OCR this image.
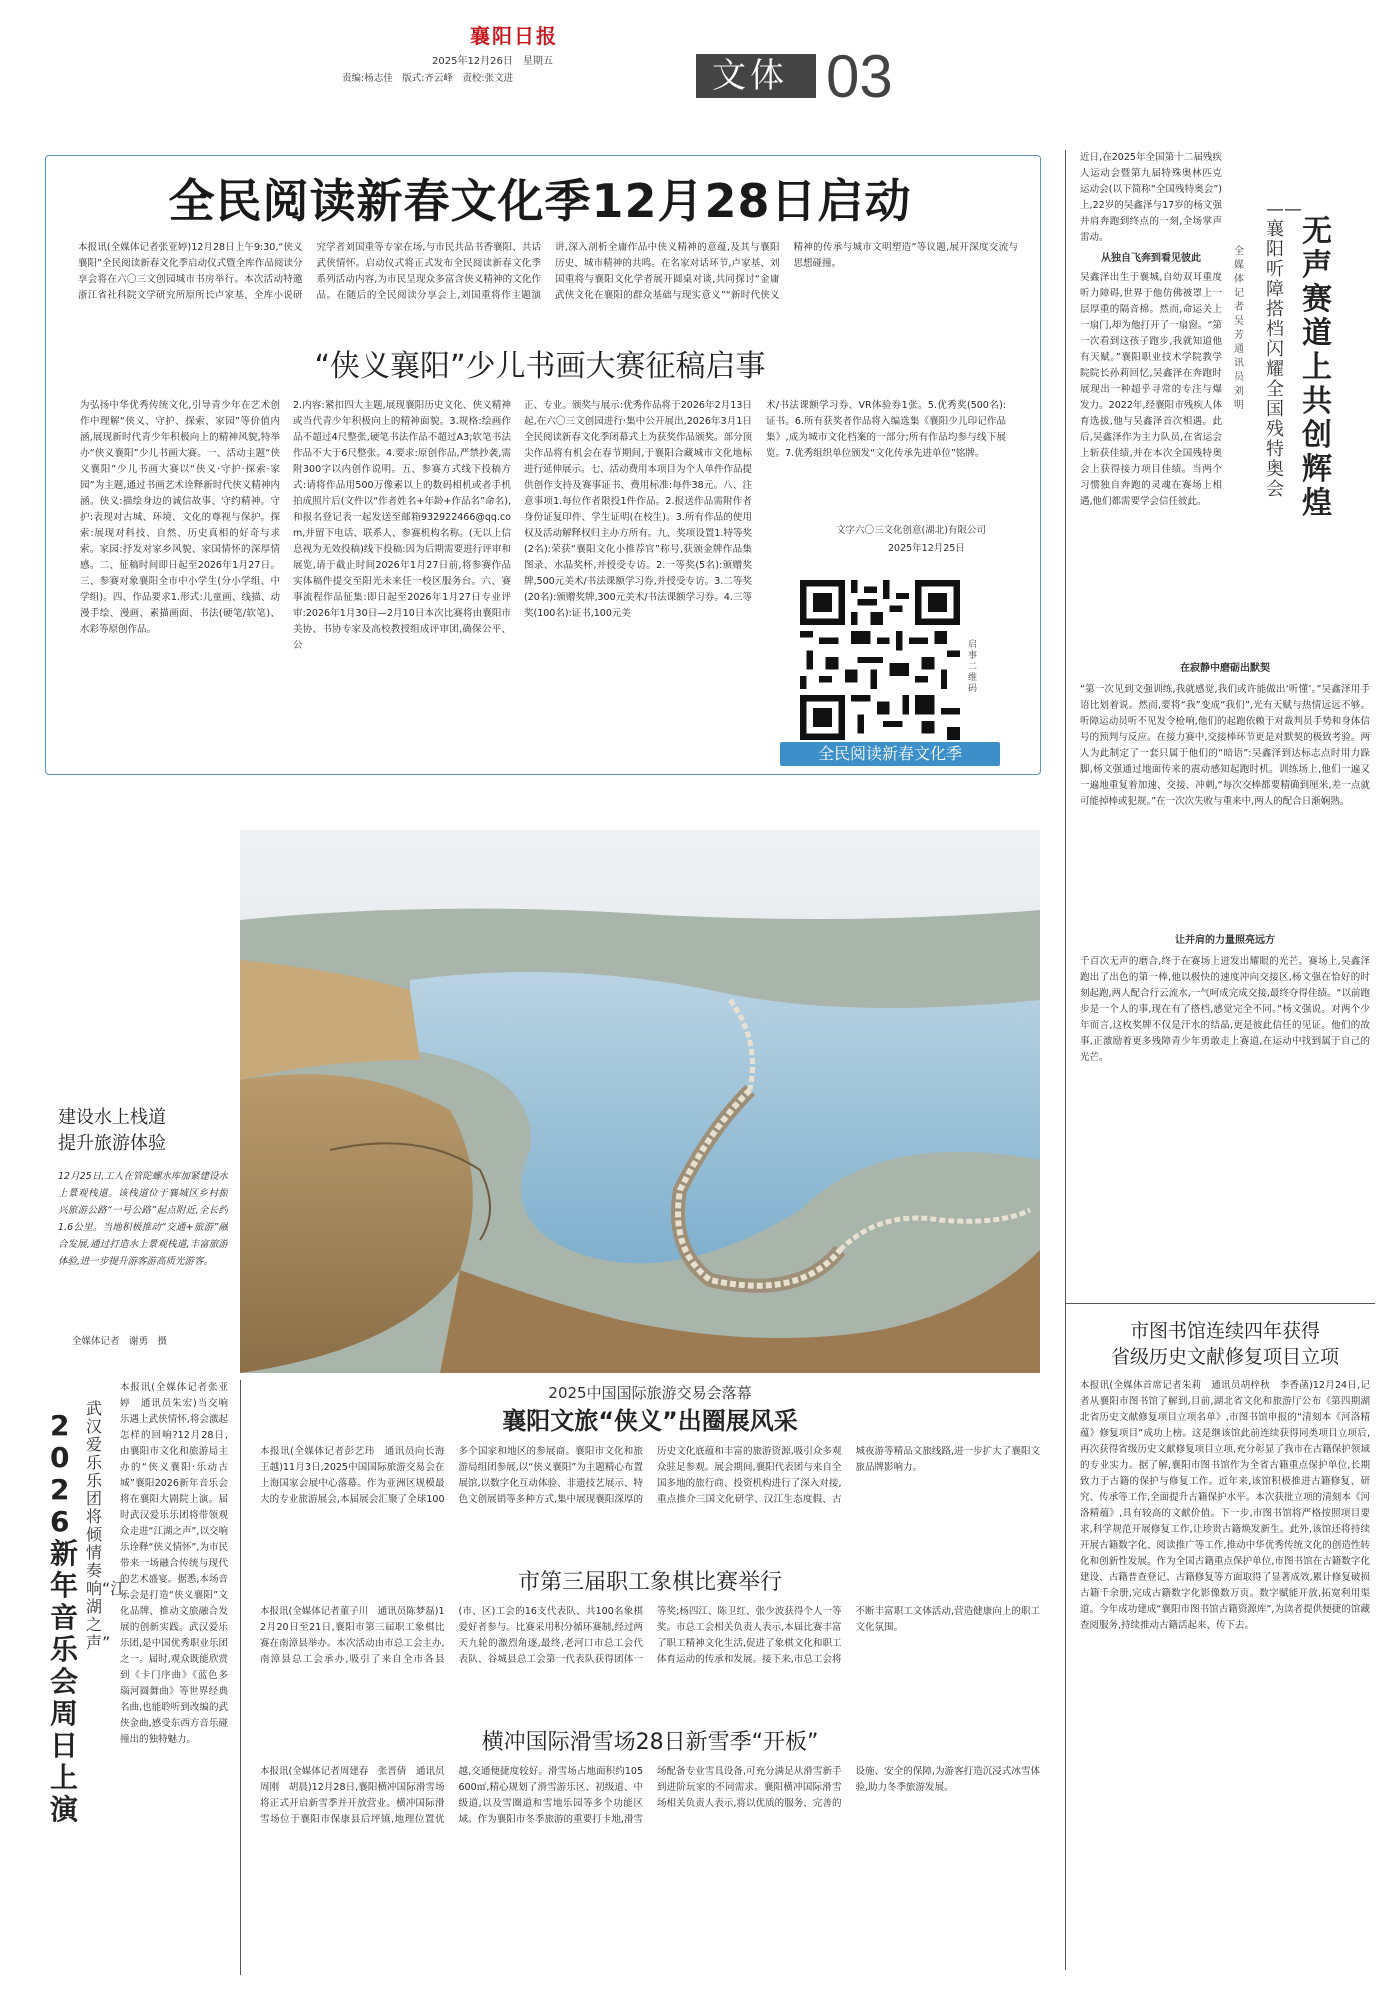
襄阳日报
2025年12月26日　星期五
责编:杨志佳　版式:齐云峰　责校:张文进	文体 03
全民阅读新春文化季12月28日启动
本报讯(全媒体记者张亚婷)12月28日上午9:30,“侠义襄阳”全民阅读新春文化季启动仪式暨全库作品阅读分享会将在六〇三文创园城市书房举行。本次活动特邀浙江省社科院文学研究所原所长卢家基、全库小说研究学者刘国重等专家在场,与市民共品书香襄阳、共话武侠情怀。启动仪式将正式发布全民阅读新春文化季系列活动内容,为市民呈现众多富含侠义精神的文化作品。在随后的全民阅读分享会上,刘国重将作主题演讲,深入剖析全庸作品中侠义精神的意蕴,及其与襄阳历史、城市精神的共鸣。在名家对话环节,卢家基、刘国重将与襄阳文化学者展开圆桌对谈,共同探讨“金庸武侠文化在襄阳的群众基础与现实意义”“新时代侠义精神的传承与城市文明塑造”等议题,展开深度交流与思想碰撞。
“侠义襄阳”少儿书画大赛征稿启事
为弘扬中华优秀传统文化,引导青少年在艺术创作中理解“侠义、守护、探索、家园”等价值内涵,展现新时代青少年积极向上的精神风貌,特举办“侠义襄阳”少儿书画大赛。一、活动主题“侠义襄阳”少儿书画大赛以“侠义·守护·探索·家园”为主题,通过书画艺术诠释新时代侠义精神内涵。侠义:描绘身边的诚信故事、守约精神。守护:表现对古城、环境、文化的尊视与保护。探索:展现对科技、自然、历史真相的好奇与求索。家园:抒发对家乡风貌、家国情怀的深厚情感。二、征稿时间即日起至2026年1月27日。三、参赛对象襄阳全市中小学生(分小学组、中学组)。四、作品要求1.形式:儿童画、线描、动漫手绘、漫画、素描画面、书法(硬笔/软笔)、水彩等原创作品。
2.内容:紧扣四大主题,展现襄阳历史文化、侠义精神或当代青少年积极向上的精神面貌。3.规格:绘画作品不超过4尺整张,硬笔书法作品不超过A3;软笔书法作品不大于6尺整张。4.要求:原创作品,严禁抄袭,需附300字以内创作说明。五、参赛方式线下投稿方式:请将作品用500万像素以上的数码相机或者手机拍成照片后(文件以“作者姓名+年龄+作品名”命名),和报名登记表一起发送至邮箱932922466@qq.com,并留下电话、联系人、参赛机构名称。(无以上信息视为无效投稿)线下投稿:因为后期需要进行评审和展览,请于截止时间2026年1月27日前,将参赛作品实体稿件提交至阳光未来任一校区服务台。六、赛事流程作品征集:即日起至2026年1月27日专业评审:2026年1月30日—2月10日本次比赛将由襄阳市美协、书协专家及高校教授组成评审团,确保公平、公
正、专业。颁奖与展示:优秀作品将于2026年2月13日起,在六〇三文创园进行·集中公开展出,2026年3月1日全民阅读新春文化季闭幕式上为获奖作品颁奖。部分顶尖作品将有机会在春节期间,于襄阳合藏城市文化地标进行延伸展示。七、活动费用本项目为个人单件作品提供创作支持及赛事证书、费用标准:每件38元。八、注意事项1.每位作者限投1件作品。2.报送作品需附作者身份证复印件、学生证明(在校生)。3.所有作品的使用权及活动解释权归主办方所有。九、奖项设置1.特等奖(2名):荣获“襄阳文化小推荐官”称号,获颁金牌作品集图录、水晶奖杯,并授受专访。2.一等奖(5名):颁赠奖牌,500元美术/书法课额学习券,并授受专访。3.二等奖(20名):颁赠奖牌,300元美术/书法课额学习券。4.三等奖(100名):证书,100元美
术/书法课额学习券、VR体验券1张。5.优秀奖(500名):证书。6.所有获奖者作品将入编选集《襄阳少儿印记作品集》,成为城市文化档案的一部分;所有作品均参与线下展览。7.优秀组织单位颁发“文化传承先进单位”铭牌。
文字六〇三文化创意(湖北)有限公司
2025年12月25日
启事二维码
全民阅读新春文化季
建设水上栈道
提升旅游体验
12月25日,工人在管陀螺水库加紧建设水上景观栈道。该栈道位于襄城区乡村振兴旅游公路“一号公路”起点附近,全长约1.6公里。当地积极推动“交通+旅游”融合发展,通过打造水上景观栈道,丰富旅游体验,进一步提升游客游高质光游客。
全媒体记者　谢勇　摄
近日,在2025年全国第十二届残疾人运动会暨第九届特殊奥林匹克运动会(以下简称“全国残特奥会”)上,22岁的吴鑫泽与17岁的杨文强并肩奔跑到终点的一刻,全场掌声雷动。	无声赛道上共创辉煌
——襄阳听障搭档闪耀全国残特奥会
全媒体记者　吴芳　通讯员　刘明
从独自飞奔到看见彼此
吴鑫泽出生于襄城,自幼双耳重度听力障碍,世界于他仿佛被罩上一层厚重的隔音棉。然而,命运关上一扇门,却为他打开了一扇窗。“第一次看到这孩子跑步,我就知道他有天赋。”襄阳职业技术学院教学院院长孙莉回忆,吴鑫泽在奔跑时展现出一种超乎寻常的专注与爆发力。2022年,经襄阳市残疾人体育选拔,他与吴鑫泽首次相遇。此后,吴鑫泽作为主力队员,在省运会上斩获佳绩,并在本次全国残特奥会上获得接力项目佳绩。当两个习惯独自奔跑的灵魂在赛场上相遇,他们都需要学会信任彼此。
在寂静中磨砺出默契
“第一次见到文强训练,我就感觉,我们或许能做出‘听懂’。”吴鑫泽用手语比划着说。然而,要将“我”变成“我们”,光有天赋与热情远远不够。听障运动员听不见发令枪响,他们的起跑依赖于对裁判员手势和身体信号的预判与反应。在接力赛中,交接棒环节更是对默契的极致考验。两人为此制定了一套只属于他们的“暗语”:吴鑫泽到达标志点时用力跺脚,杨文强通过地面传来的震动感知起跑时机。训练场上,他们一遍又一遍地重复着加速、交接、冲刺,“每次交棒都要精确到厘米,差一点就可能掉棒或犯规。”在一次次失败与重来中,两人的配合日渐娴熟。
让并肩的力量照亮远方
千百次无声的磨合,终于在赛场上迸发出耀眼的光芒。赛场上,吴鑫泽跑出了出色的第一棒,他以极快的速度冲向交接区,杨文强在恰好的时刻起跑,两人配合行云流水,一气呵成完成交接,最终夺得佳绩。“以前跑步是一个人的事,现在有了搭档,感觉完全不同。”杨文强说。对两个少年而言,这枚奖牌不仅是汗水的结晶,更是彼此信任的见证。他们的故事,正激励着更多残障青少年勇敢走上赛道,在运动中找到属于自己的光芒。
市图书馆连续四年获得
省级历史文献修复项目立项
本报讯(全媒体首席记者朱莉　通讯员胡梓秋　李香菡)12月24日,记者从襄阳市图书馆了解到,目前,湖北省文化和旅游厅公布《第四期湖北省历史文献修复项目立项名单》,市图书馆申报的“清刻本《河洛精蕴》修复项目”成功上榜。这是继该馆此前连续获得同类项目立项后,再次获得省级历史文献修复项目立项,充分彰显了我市在古籍保护领域的专业实力。据了解,襄阳市图书馆作为全省古籍重点保护单位,长期致力于古籍的保护与修复工作。近年来,该馆积极推进古籍修复、研究、传承等工作,全面提升古籍保护水平。本次获批立项的清刻本《河洛精蕴》,具有较高的文献价值。下一步,市图书馆将严格按照项目要求,科学规范开展修复工作,让珍贵古籍焕发新生。此外,该馆还将持续开展古籍数字化、阅读推广等工作,推动中华优秀传统文化的创造性转化和创新性发展。作为全国古籍重点保护单位,市图书馆在古籍数字化建设、古籍普查登记、古籍修复等方面取得了显著成效,累计修复破损古籍千余册,完成古籍数字化影像数万页。数字赋能开放,拓宽利用渠道。今年成功建成“襄阳市图书馆古籍资源库”,为读者提供便捷的馆藏查阅服务,持续推动古籍活起来、传下去。
本报讯(全媒体记者张亚婷　通讯员朱宏)当交响乐遇上武侠情怀,将会激起怎样的回响?12月28日,由襄阳市文化和旅游局主办的“侠义襄阳·乐动古城”襄阳2026新年音乐会将在襄阳大剧院上演。届时武汉爱乐乐团将带领观众走进“江湖之声”,以交响乐诠释“侠义情怀”,为市民带来一场融合传统与现代的艺术盛宴。据悉,本场音乐会是打造“侠义襄阳”文化品牌、推动文旅融合发展的创新实践。武汉爱乐乐团,是中国优秀职业乐团之一。届时,观众既能欣赏到《卡门序曲》《蓝色多瑙河圆舞曲》等世界经典名曲,也能聆听到改编的武侠金曲,感受东西方音乐碰撞出的独特魅力。
2026新年音乐会周日上演
武汉爱乐乐团将倾情奏响“江湖之声”
2025中国国际旅游交易会落幕
襄阳文旅“侠义”出圈展风采
本报讯(全媒体记者彭艺玮　通讯员向长海　王越)11月3日,2025中国国际旅游交易会在上海国家会展中心落幕。作为亚洲区规模最大的专业旅游展会,本届展会汇聚了全球100多个国家和地区的参展商。襄阳市文化和旅游局组团参展,以“侠义襄阳”为主题精心布置展馆,以数字化互动体验、非遗技艺展示、特色文创展销等多种方式,集中展现襄阳深厚的历史文化底蕴和丰富的旅游资源,吸引众多观众驻足参观。展会期间,襄阳代表团与来自全国多地的旅行商、投资机构进行了深入对接,重点推介三国文化研学、汉江生态度假、古城夜游等精品文旅线路,进一步扩大了襄阳文旅品牌影响力。
市第三届职工象棋比赛举行
本报讯(全媒体记者董子川　通讯员陈梦磊)12月20日至21日,襄阳市第三届职工象棋比赛在南漳县举办。本次活动由市总工会主办,南漳县总工会承办,吸引了来自全市各县(市、区)工会的16支代表队、共100名象棋爱好者参与。比赛采用积分循环赛制,经过两天九轮的激烈角逐,最终,老河口市总工会代表队、谷城县总工会第一代表队获得团体一等奖;杨四江、陈卫红、张少波获得个人一等奖。市总工会相关负责人表示,本届比赛丰富了职工精神文化生活,促进了象棋文化和职工体育运动的传承和发展。接下来,市总工会将不断丰富职工文体活动,营造健康向上的职工文化氛围。
横冲国际滑雪场28日新雪季“开板”
本报讯(全媒体记者周建春　张晋倩　通讯员周刚　胡晨)12月28日,襄阳横冲国际滑雪场将正式开启新雪季并开放营业。横冲国际滑雪场位于襄阳市保康县后坪镇,地理位置优越,交通便捷度较好。滑雪场占地面积约105600㎡,精心规划了滑雪游乐区、初级道、中级道,以及雪圈道和雪地乐园等多个功能区域。作为襄阳市冬季旅游的重要打卡地,滑雪场配备专业雪具设备,可充分满足从滑雪新手到进阶玩家的不同需求。襄阳横冲国际滑雪场相关负责人表示,将以优质的服务、完善的设施、安全的保障,为游客打造沉浸式冰雪体验,助力冬季旅游发展。
